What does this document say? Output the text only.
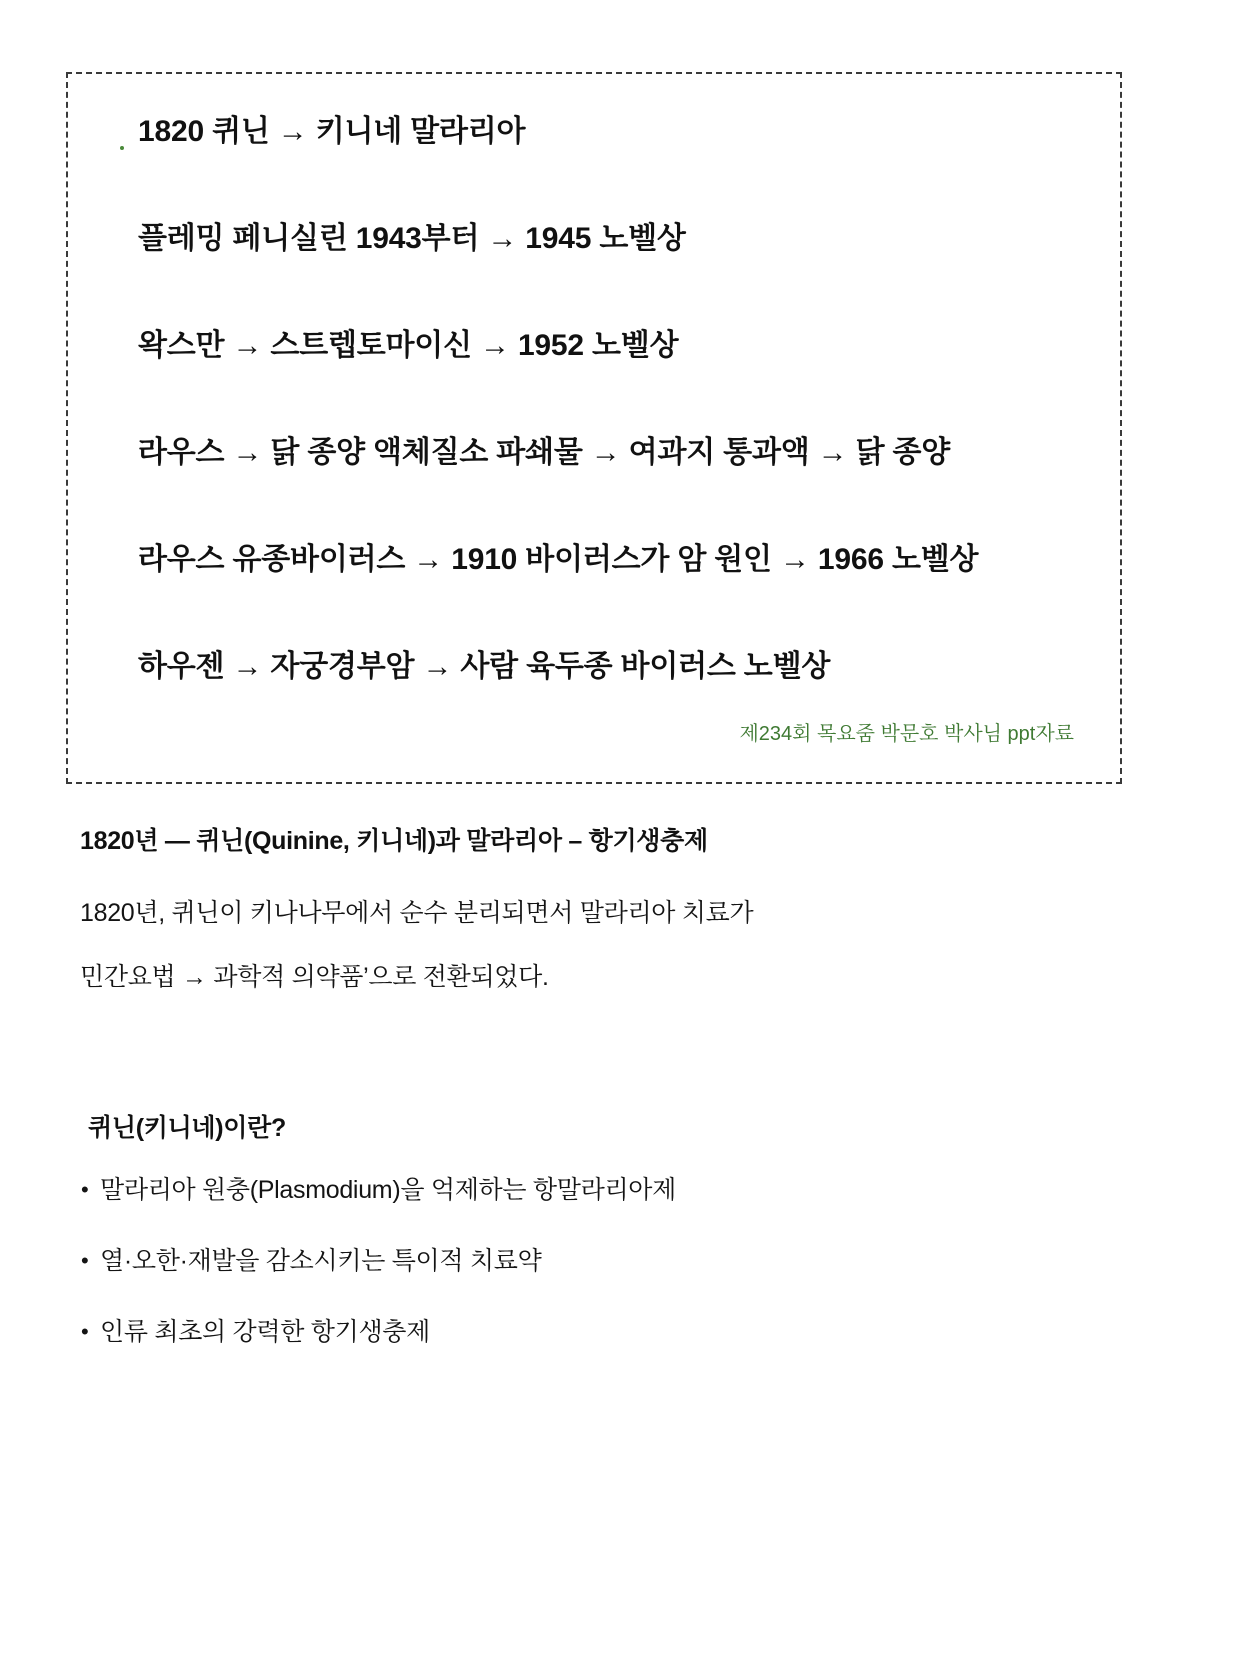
1820 퀴닌 → 키니네 말라리아
플레밍 페니실린 1943부터 → 1945 노벨상
왁스만 → 스트렙토마이신 → 1952 노벨상
라우스 → 닭 종양 액체질소 파쇄물 → 여과지 통과액 → 닭 종양
라우스 유종바이러스 → 1910 바이러스가 암 원인 → 1966 노벨상
하우젠 → 자궁경부암 → 사람 육두종 바이러스 노벨상
제234회 목요줌 박문호 박사님 ppt자료
1820년 — 퀴닌(Quinine, 키니네)과 말라리아 – 항기생충제

1820년, 퀴닌이 키나나무에서 순수 분리되면서 말라리아 치료가
민간요법 → 과학적 의약품’으로 전환되었다.

퀴닌(키니네)이란?
• 말라리아 원충(Plasmodium)을 억제하는 항말라리아제
• 열·오한·재발을 감소시키는 특이적 치료약
• 인류 최초의 강력한 항기생충제
